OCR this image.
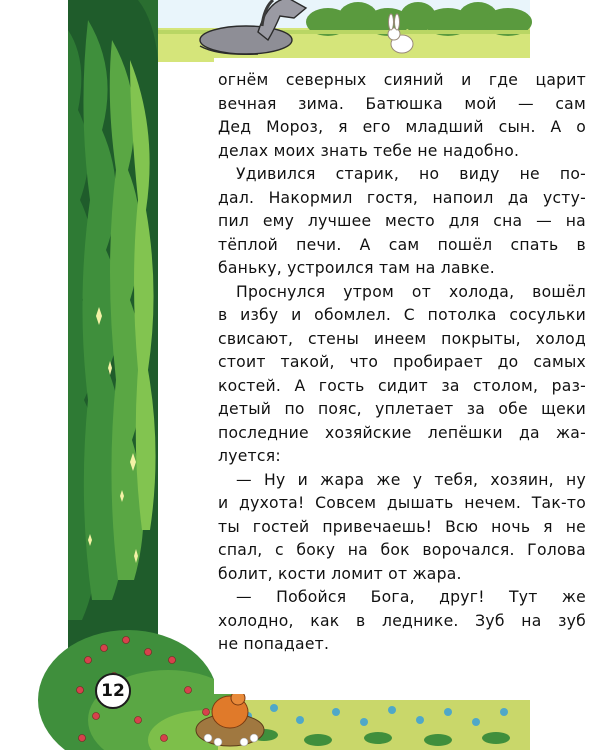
огнём северных сияний и где царит
вечная зима. Батюшка мой — сам
Дед Мороз, я его младший сын. А о
делах моих знать тебе не надобно.
Удивился старик, но виду не по-
дал. Накормил гостя, напоил да усту-
пил ему лучшее место для сна — на
тёплой печи. А сам пошёл спать в
баньку, устроился там на лавке.
Проснулся утром от холода, вошёл
в избу и обомлел. С потолка сосульки
свисают, стены инеем покрыты, холод
стоит такой, что пробирает до самых
костей. А гость сидит за столом, раз-
детый по пояс, уплетает за обе щеки
последние хозяйские лепёшки да жа-
луется:
— Ну и жара же у тебя, хозяин, ну
и духота! Совсем дышать нечем. Так-то
ты гостей привечаешь! Всю ночь я не
спал, с боку на бок ворочался. Голова
болит, кости ломит от жара.
— Побойся Бога, друг! Тут же
холодно, как в леднике. Зуб на зуб
не попадает.
12
